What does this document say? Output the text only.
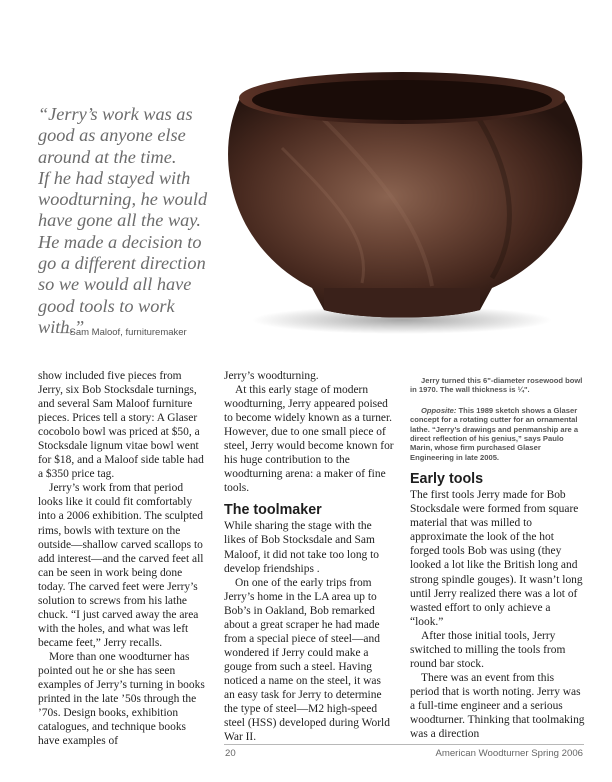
“Jerry’s work was as
good as anyone else
around at the time.
If he had stayed with
woodturning, he would
have gone all the way.
He made a decision to
go a different direction
so we would all have
good tools to work
with.”
—Sam Maloof, furnituremaker

show included five pieces from Jerry, six Bob Stocksdale turnings, and several Sam Maloof furniture pieces. Prices tell a story: A Glaser cocobolo bowl was priced at $50, a Stocksdale lignum vitae bowl went for $18, and a Maloof side table had a $350 price tag.

Jerry’s work from that period looks like it could fit comfortably into a 2006 exhibition. The sculpted rims, bowls with texture on the outside—shallow carved scallops to add interest—and the carved feet all can be seen in work being done today. The carved feet were Jerry’s solution to screws from his lathe chuck. “I just carved away the area with the holes, and what was left became feet,” Jerry recalls.

More than one woodturner has pointed out he or she has seen examples of Jerry’s turning in books printed in the late ’50s through the ’70s. Design books, exhibition catalogues, and technique books have examples of

Jerry’s woodturning.

At this early stage of modern woodturning, Jerry appeared poised to become widely known as a turner. However, due to one small piece of steel, Jerry would become known for his huge contribution to the woodturning arena: a maker of fine tools.

The toolmaker

While sharing the stage with the likes of Bob Stocksdale and Sam Maloof, it did not take too long to develop friendships .

On one of the early trips from Jerry’s home in the LA area up to Bob’s in Oakland, Bob remarked about a great scraper he had made from a special piece of steel—and wondered if Jerry could make a gouge from such a steel. Having noticed a name on the steel, it was an easy task for Jerry to determine the type of steel—M2 high-speed steel (HSS) developed during World War II.

Jerry turned this 6"-diameter rosewood bowl in 1970. The wall thickness is ¼".

Opposite: This 1989 sketch shows a Glaser concept for a rotating cutter for an ornamental lathe. “Jerry’s drawings and penmanship are a direct reflection of his genius,” says Paulo Marin, whose firm purchased Glaser Engineering in late 2005.

Early tools

The first tools Jerry made for Bob Stocksdale were formed from square material that was milled to approximate the look of the hot forged tools Bob was using (they looked a lot like the British long and strong spindle gouges). It wasn’t long until Jerry realized there was a lot of wasted effort to only achieve a “look.”

After those initial tools, Jerry switched to milling the tools from round bar stock.

There was an event from this period that is worth noting. Jerry was a full-time engineer and a serious woodturner. Thinking that toolmaking was a direction

20	American Woodturner Spring 2006
